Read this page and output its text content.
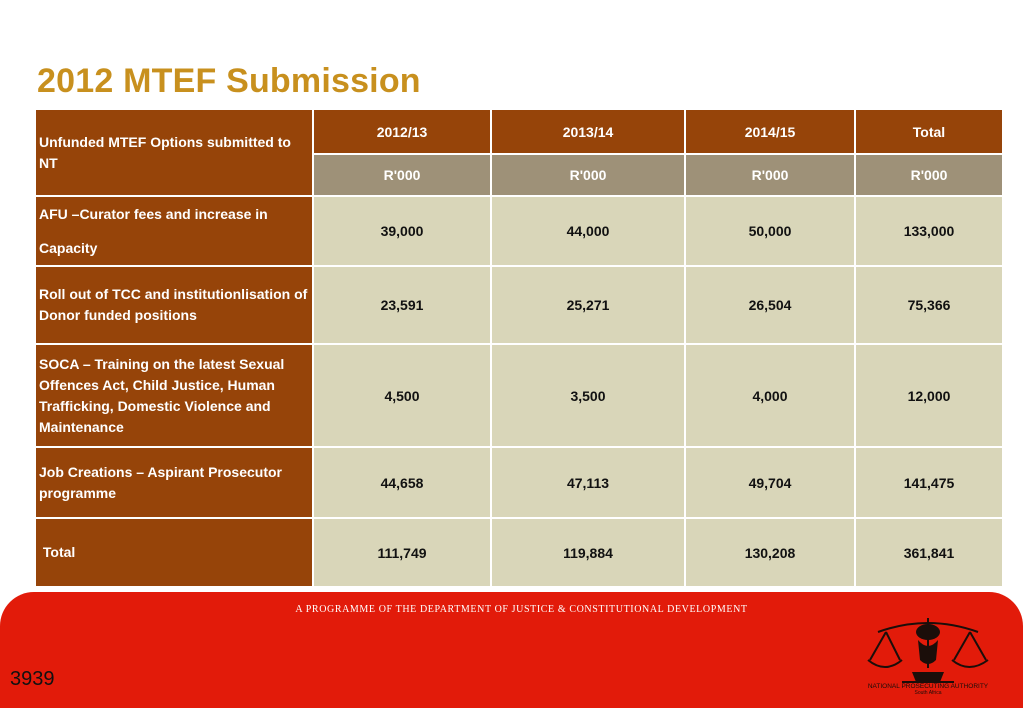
2012 MTEF Submission
Unfunded MTEF Options submitted to NT	2012/13	2013/14	2014/15	Total
	R'000	R'000	R'000	R'000
AFU –Curator fees and increase in Capacity	39,000	44,000	50,000	133,000
Roll out of TCC and institutionlisation of Donor funded positions	23,591	25,271	26,504	75,366
SOCA – Training on the latest Sexual Offences Act, Child Justice, Human Trafficking, Domestic Violence and Maintenance	4,500	3,500	4,000	12,000
Job Creations – Aspirant Prosecutor programme	44,658	47,113	49,704	141,475
Total	111,749	119,884	130,208	361,841
A PROGRAMME OF THE DEPARTMENT OF JUSTICE & CONSTITUTIONAL DEVELOPMENT
3939	NATIONAL PROSECUTING AUTHORITY
South Africa
